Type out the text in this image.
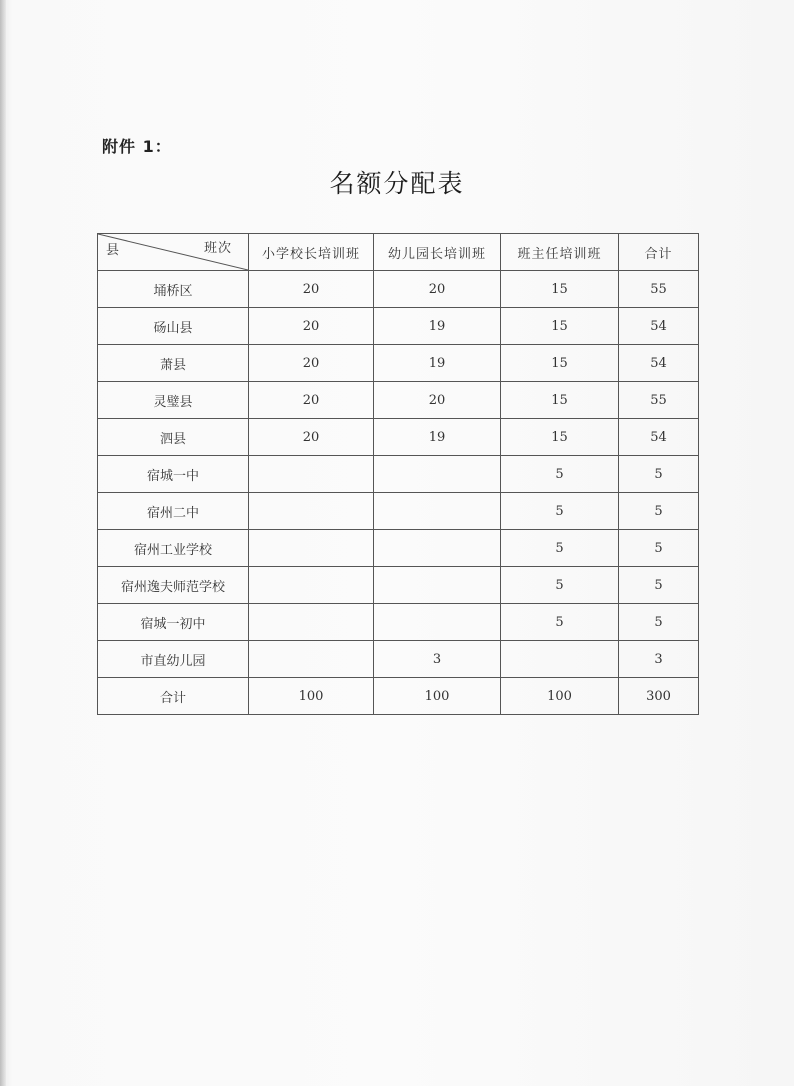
附件 1：
名额分配表
县 班次	小学校长培训班	幼儿园长培训班	班主任培训班	合计
埇桥区	20	20	15	55
砀山县	20	19	15	54
萧县	20	19	15	54
灵璧县	20	20	15	55
泗县	20	19	15	54
宿城一中			5	5
宿州二中			5	5
宿州工业学校			5	5
宿州逸夫师范学校			5	5
宿城一初中			5	5
市直幼儿园		3		3
合计	100	100	100	300
